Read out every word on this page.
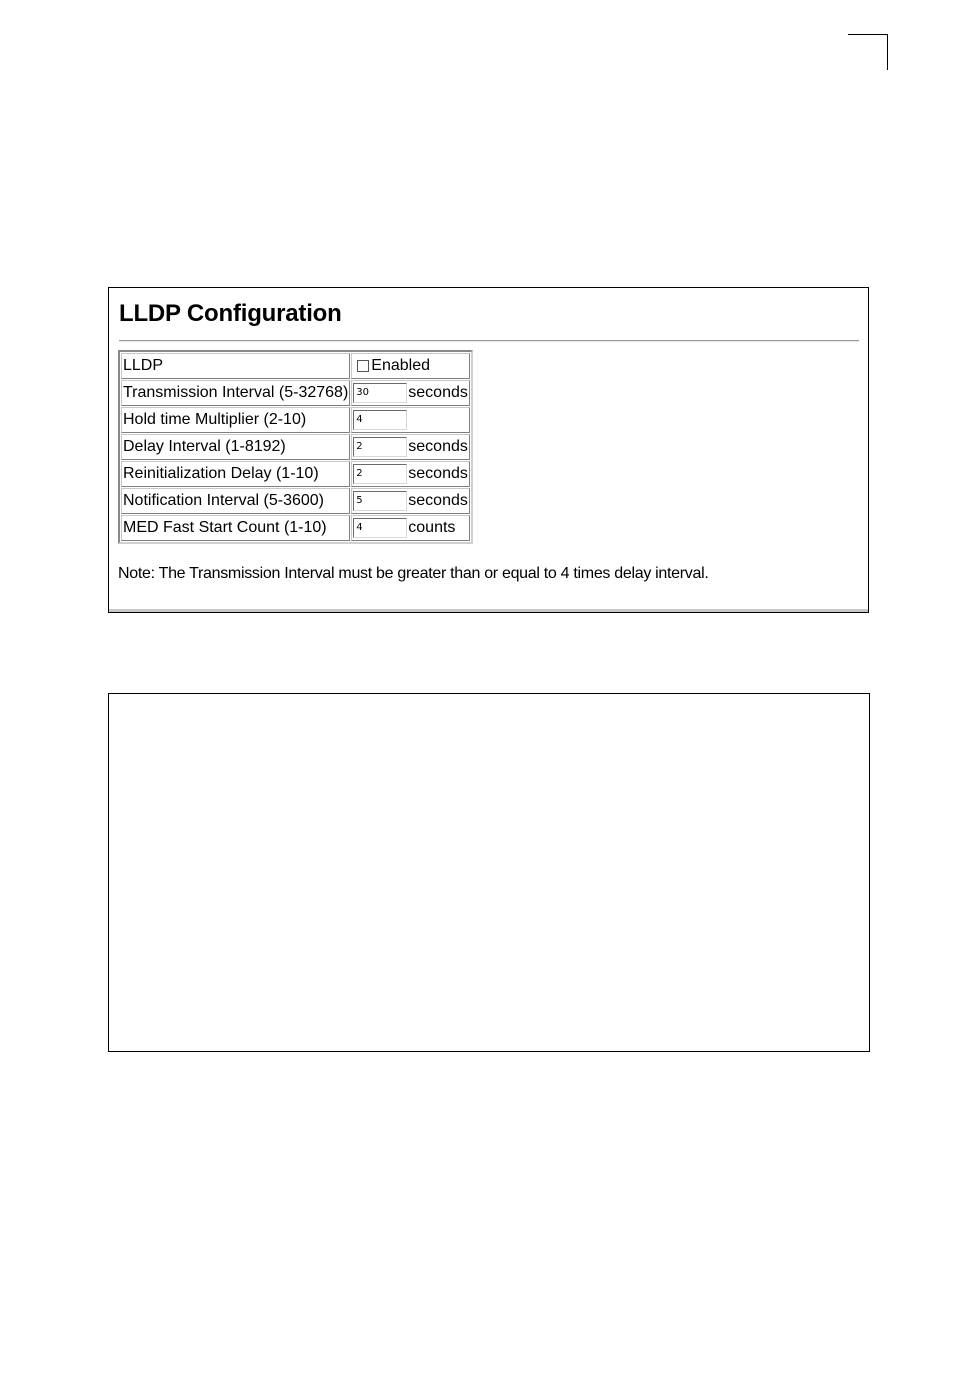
LLDP Configuration
LLDP	Enabled
Transmission Interval (5-32768)	30 seconds
Hold time Multiplier (2-10)	4
Delay Interval (1-8192)	2 seconds
Reinitialization Delay (1-10)	2 seconds
Notification Interval (5-3600)	5 seconds
MED Fast Start Count (1-10)	4 counts
Note: The Transmission Interval must be greater than or equal to 4 times delay interval.
